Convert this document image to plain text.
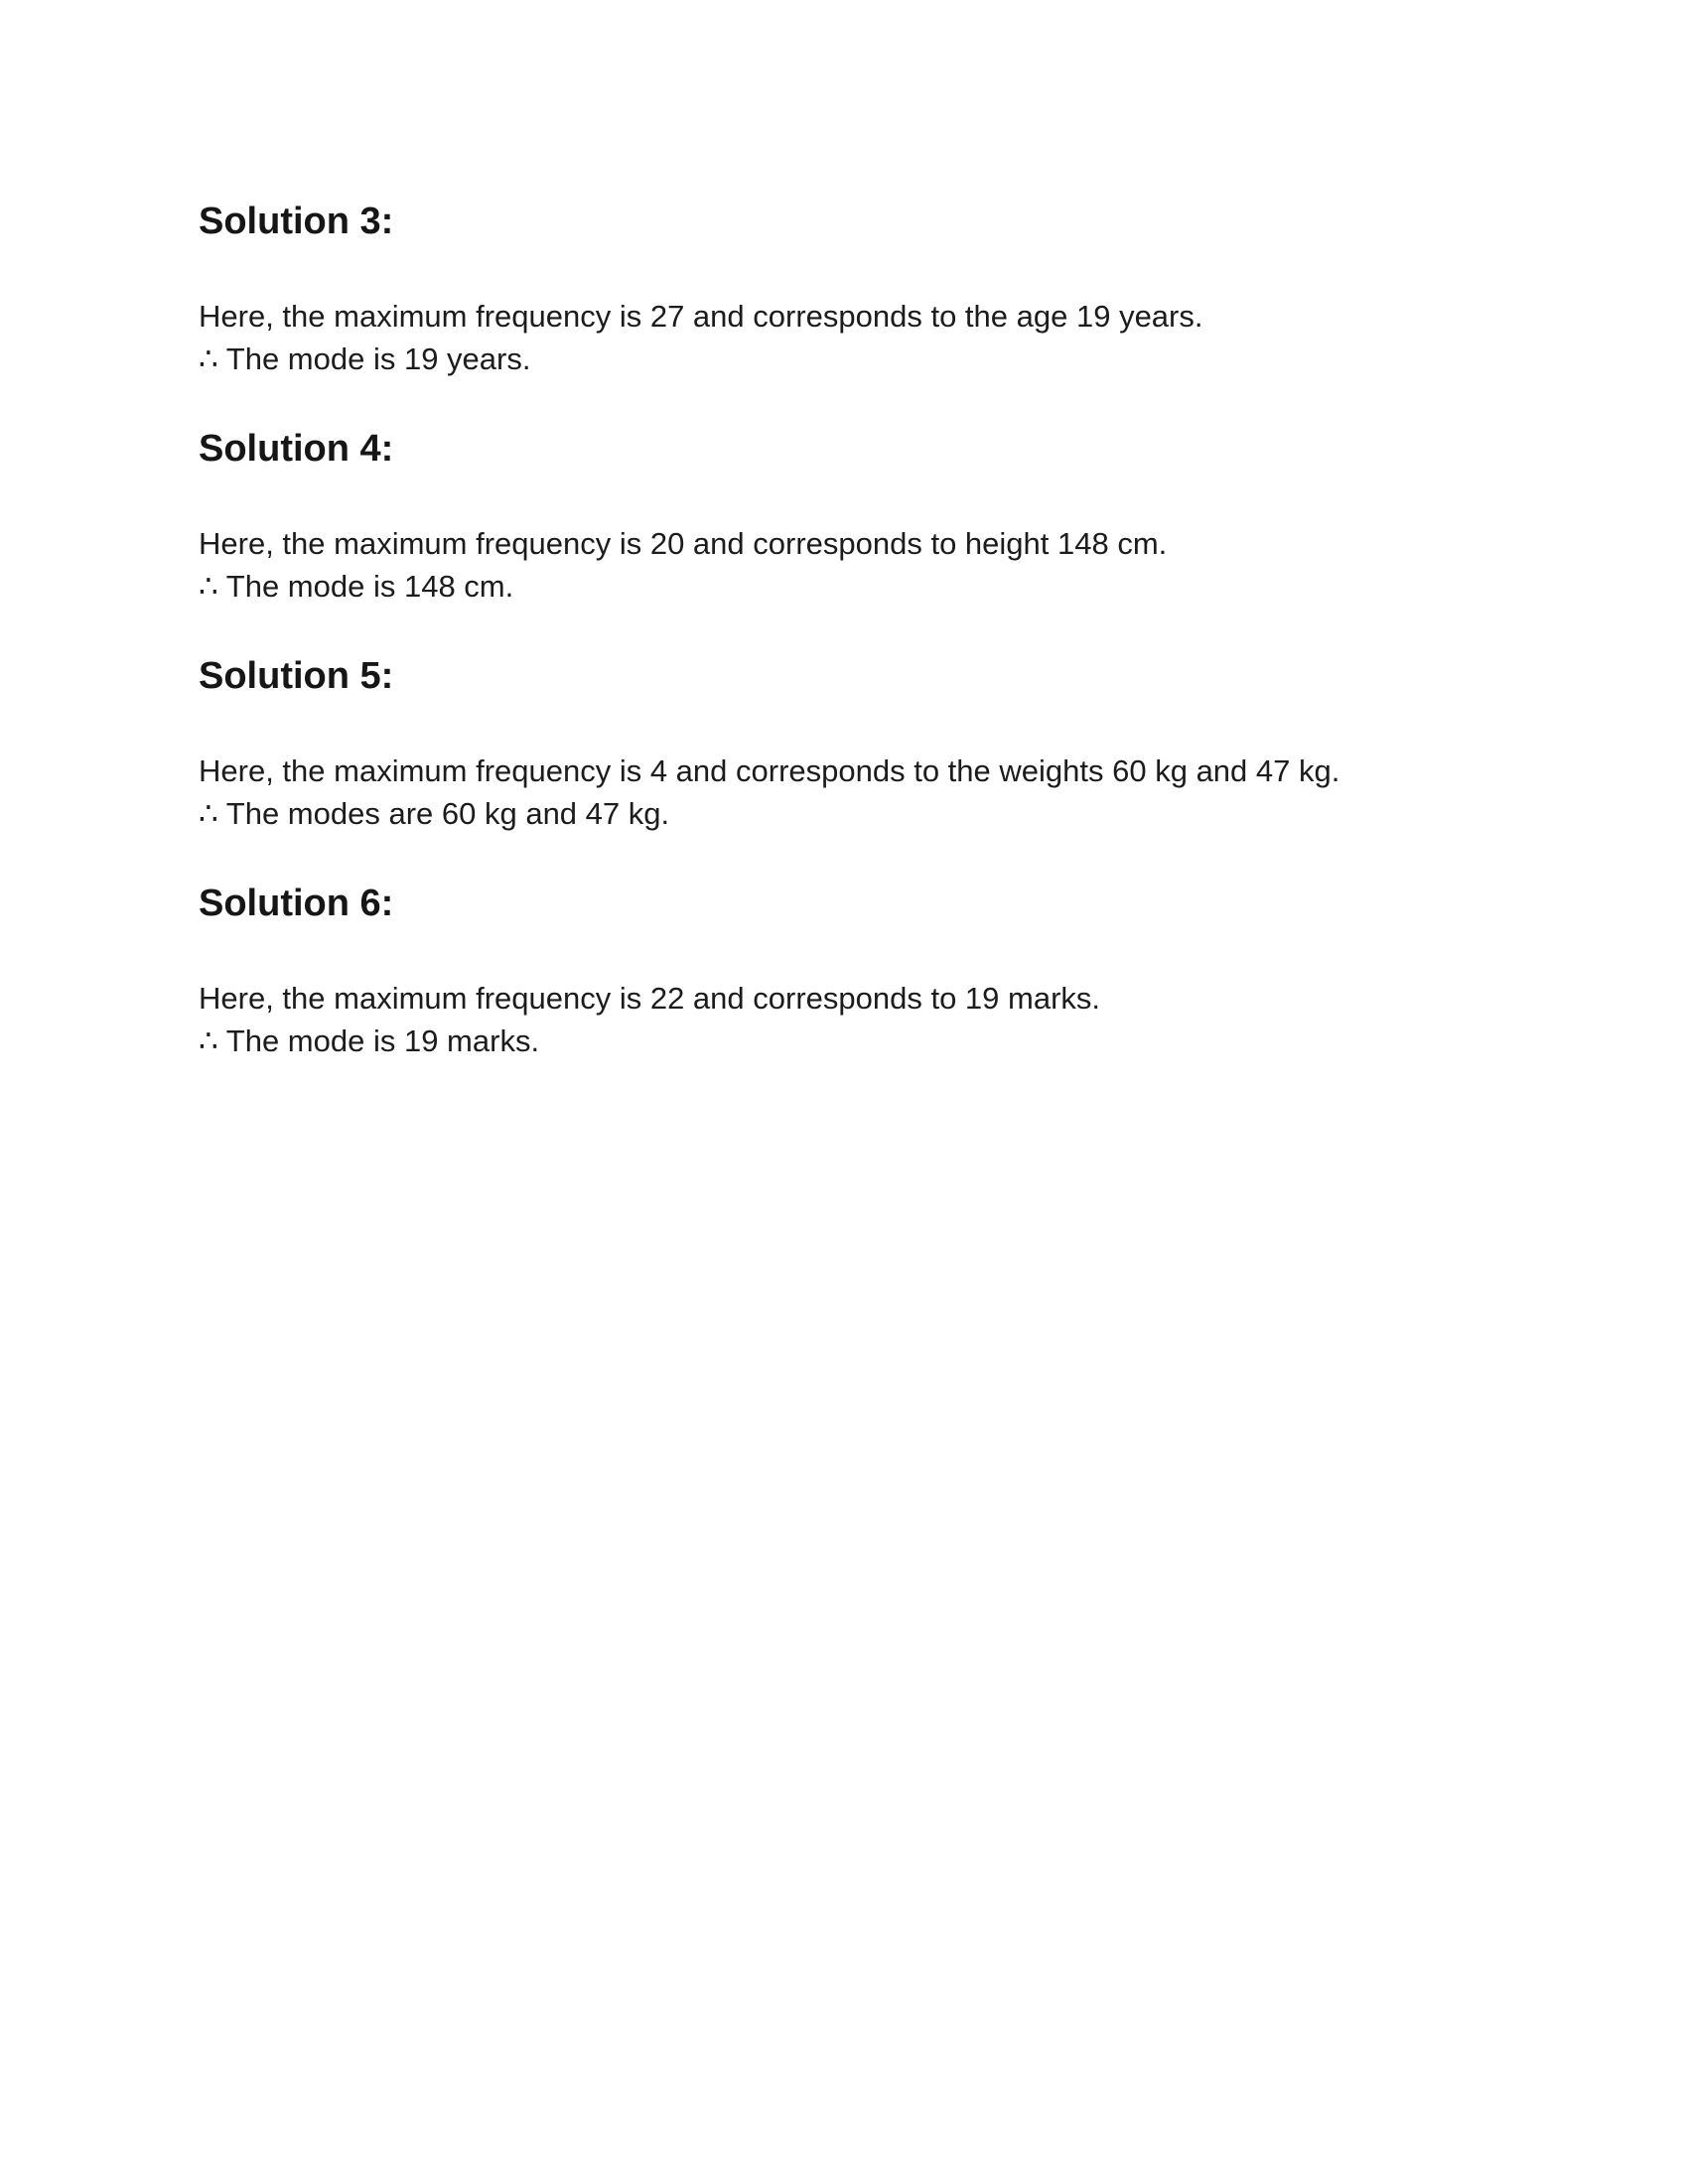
Solution 3:

Here, the maximum frequency is 27 and corresponds to the age 19 years.
∴ The mode is 19 years.

Solution 4:

Here, the maximum frequency is 20 and corresponds to height 148 cm.
∴ The mode is 148 cm.

Solution 5:

Here, the maximum frequency is 4 and corresponds to the weights 60 kg and 47 kg.
∴ The modes are 60 kg and 47 kg.

Solution 6:

Here, the maximum frequency is 22 and corresponds to 19 marks.
∴ The mode is 19 marks.
